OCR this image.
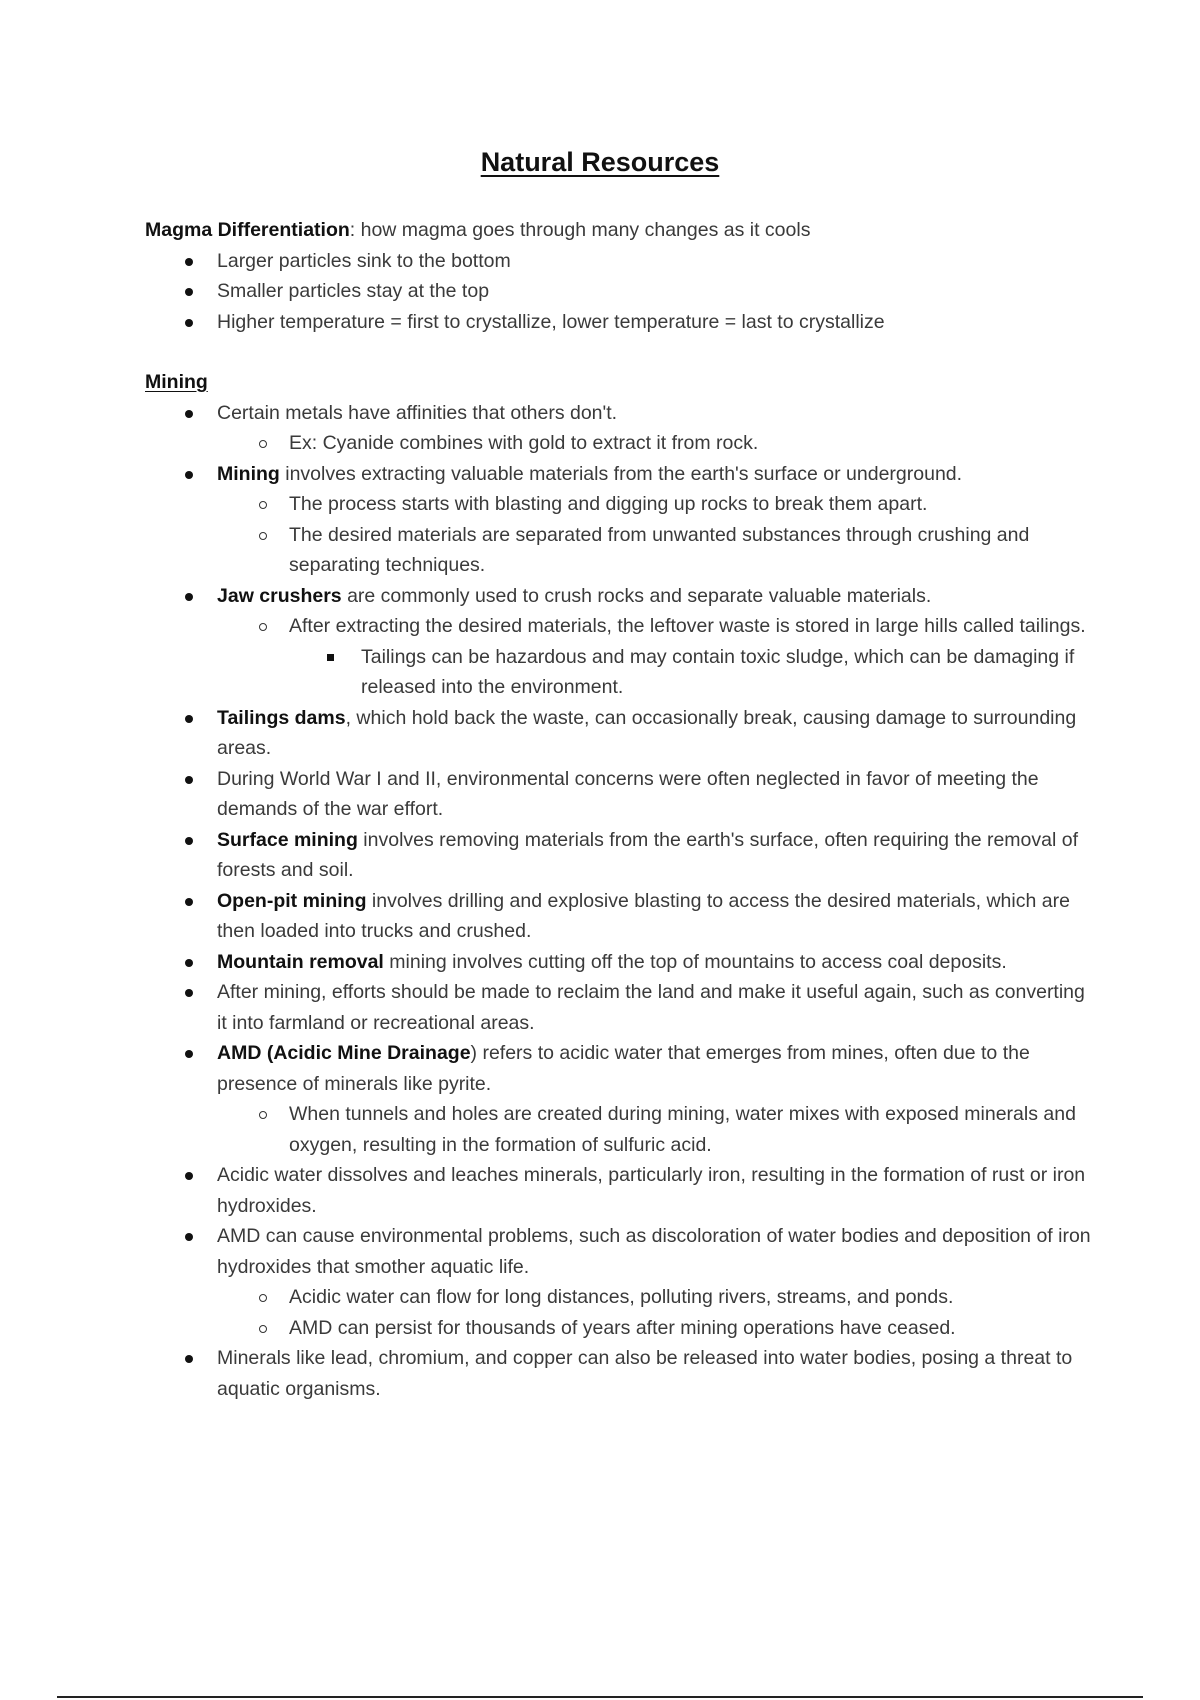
Natural Resources
Magma Differentiation: how magma goes through many changes as it cools
Larger particles sink to the bottom
Smaller particles stay at the top
Higher temperature = first to crystallize, lower temperature = last to crystallize
Mining
Certain metals have affinities that others don't.
Ex: Cyanide combines with gold to extract it from rock.
Mining involves extracting valuable materials from the earth's surface or underground.
The process starts with blasting and digging up rocks to break them apart.
The desired materials are separated from unwanted substances through crushing and separating techniques.
Jaw crushers are commonly used to crush rocks and separate valuable materials.
After extracting the desired materials, the leftover waste is stored in large hills called tailings.
Tailings can be hazardous and may contain toxic sludge, which can be damaging if released into the environment.
Tailings dams, which hold back the waste, can occasionally break, causing damage to surrounding areas.
During World War I and II, environmental concerns were often neglected in favor of meeting the demands of the war effort.
Surface mining involves removing materials from the earth's surface, often requiring the removal of forests and soil.
Open-pit mining involves drilling and explosive blasting to access the desired materials, which are then loaded into trucks and crushed.
Mountain removal mining involves cutting off the top of mountains to access coal deposits.
After mining, efforts should be made to reclaim the land and make it useful again, such as converting it into farmland or recreational areas.
AMD (Acidic Mine Drainage) refers to acidic water that emerges from mines, often due to the presence of minerals like pyrite.
When tunnels and holes are created during mining, water mixes with exposed minerals and oxygen, resulting in the formation of sulfuric acid.
Acidic water dissolves and leaches minerals, particularly iron, resulting in the formation of rust or iron hydroxides.
AMD can cause environmental problems, such as discoloration of water bodies and deposition of iron hydroxides that smother aquatic life.
Acidic water can flow for long distances, polluting rivers, streams, and ponds.
AMD can persist for thousands of years after mining operations have ceased.
Minerals like lead, chromium, and copper can also be released into water bodies, posing a threat to aquatic organisms.
